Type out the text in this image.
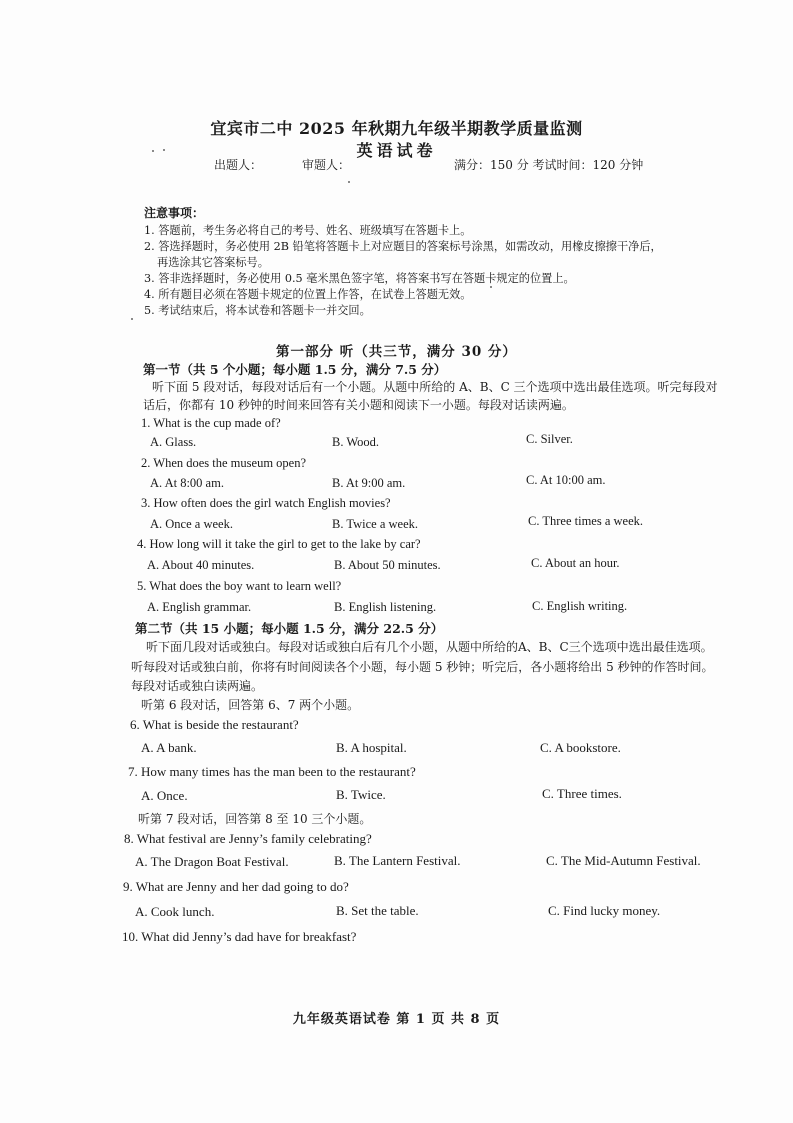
宜宾市二中 2025 年秋期九年级半期教学质量监测
英语试卷
出题人：	审题人：	满分：150 分 考试时间：120 分钟
注意事项：
1. 答题前，考生务必将自己的考号、姓名、班级填写在答题卡上。
2. 答选择题时，务必使用 2B 铅笔将答题卡上对应题目的答案标号涂黑，如需改动，用橡皮擦擦干净后，
再选涂其它答案标号。
3. 答非选择题时，务必使用 0.5 毫米黑色签字笔，将答案书写在答题卡规定的位置上。
4. 所有题目必须在答题卡规定的位置上作答，在试卷上答题无效。
5. 考试结束后，将本试卷和答题卡一并交回。
第一部分 听（共三节，满分 30 分）
第一节（共 5 个小题；每小题 1.5 分，满分 7.5 分）
听下面 5 段对话，每段对话后有一个小题。从题中所给的 A、B、C 三个选项中选出最佳选项。听完每段对
话后，你都有 10 秒钟的时间来回答有关小题和阅读下一小题。每段对话读两遍。
1. What is the cup made of?
A. Glass.	B. Wood.	C. Silver.
2. When does the museum open?
A. At 8:00 am.	B. At 9:00 am.	C. At 10:00 am.
3. How often does the girl watch English movies?
A. Once a week.	B. Twice a week.	C. Three times a week.
4. How long will it take the girl to get to the lake by car?
A. About 40 minutes.	B. About 50 minutes.	C. About an hour.
5. What does the boy want to learn well?
A. English grammar.	B. English listening.	C. English writing.
第二节（共 15 小题；每小题 1.5 分，满分 22.5 分）
听下面几段对话或独白。每段对话或独白后有几个小题，从题中所给的A、B、C三个选项中选出最佳选项。
听每段对话或独白前，你将有时间阅读各个小题，每小题 5 秒钟；听完后，各小题将给出 5 秒钟的作答时间。
每段对话或独白读两遍。
听第 6 段对话，回答第 6、7 两个小题。
6. What is beside the restaurant?
A. A bank.	B. A hospital.	C. A bookstore.
7. How many times has the man been to the restaurant?
A. Once.	B. Twice.	C. Three times.
听第 7 段对话，回答第 8 至 10 三个小题。
8. What festival are Jenny’s family celebrating?
A. The Dragon Boat Festival.	B. The Lantern Festival.	C. The Mid-Autumn Festival.
9. What are Jenny and her dad going to do?
A. Cook lunch.	B. Set the table.	C. Find lucky money.
10. What did Jenny’s dad have for breakfast?
九年级英语试卷 第 1 页 共 8 页
